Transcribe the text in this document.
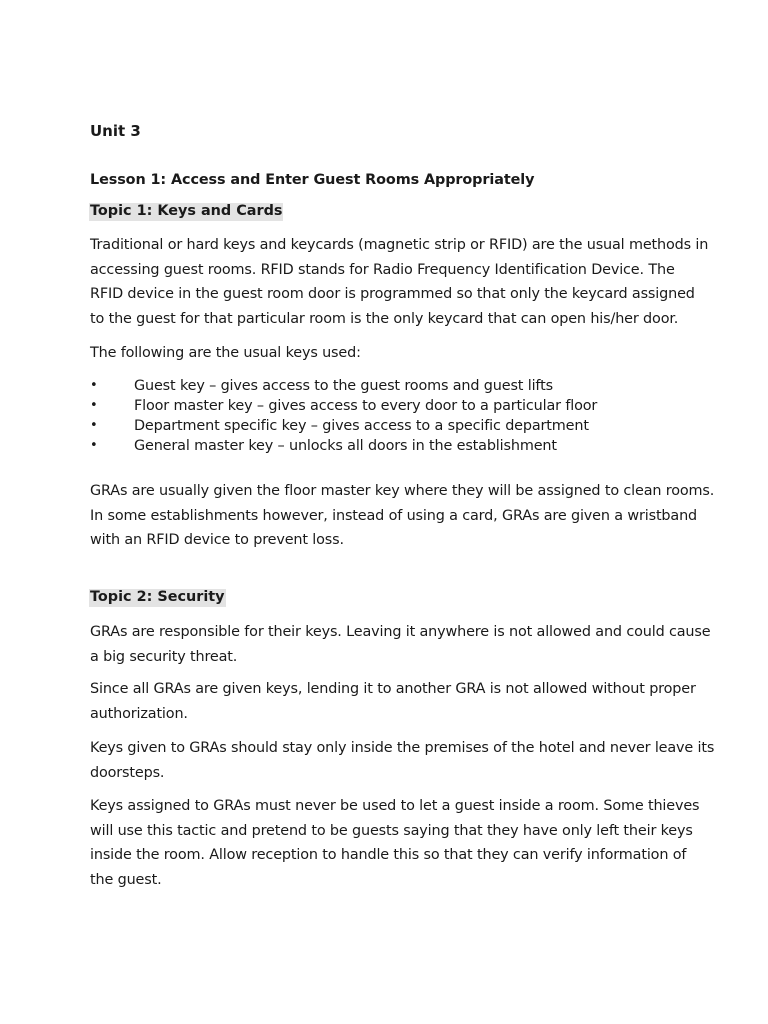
Unit 3
Lesson 1: Access and Enter Guest Rooms Appropriately
Topic 1: Keys and Cards
Traditional or hard keys and keycards (magnetic strip or RFID) are the usual methods in
accessing guest rooms. RFID stands for Radio Frequency Identification Device. The
RFID device in the guest room door is programmed so that only the keycard assigned
to the guest for that particular room is the only keycard that can open his/her door.
The following are the usual keys used:
•	Guest key – gives access to the guest rooms and guest lifts
•	Floor master key – gives access to every door to a particular floor
•	Department specific key – gives access to a specific department
•	General master key – unlocks all doors in the establishment
GRAs are usually given the floor master key where they will be assigned to clean rooms.
In some establishments however, instead of using a card, GRAs are given a wristband
with an RFID device to prevent loss.
Topic 2: Security
GRAs are responsible for their keys. Leaving it anywhere is not allowed and could cause
a big security threat.
Since all GRAs are given keys, lending it to another GRA is not allowed without proper
authorization.
Keys given to GRAs should stay only inside the premises of the hotel and never leave its
doorsteps.
Keys assigned to GRAs must never be used to let a guest inside a room. Some thieves
will use this tactic and pretend to be guests saying that they have only left their keys
inside the room. Allow reception to handle this so that they can verify information of
the guest.
